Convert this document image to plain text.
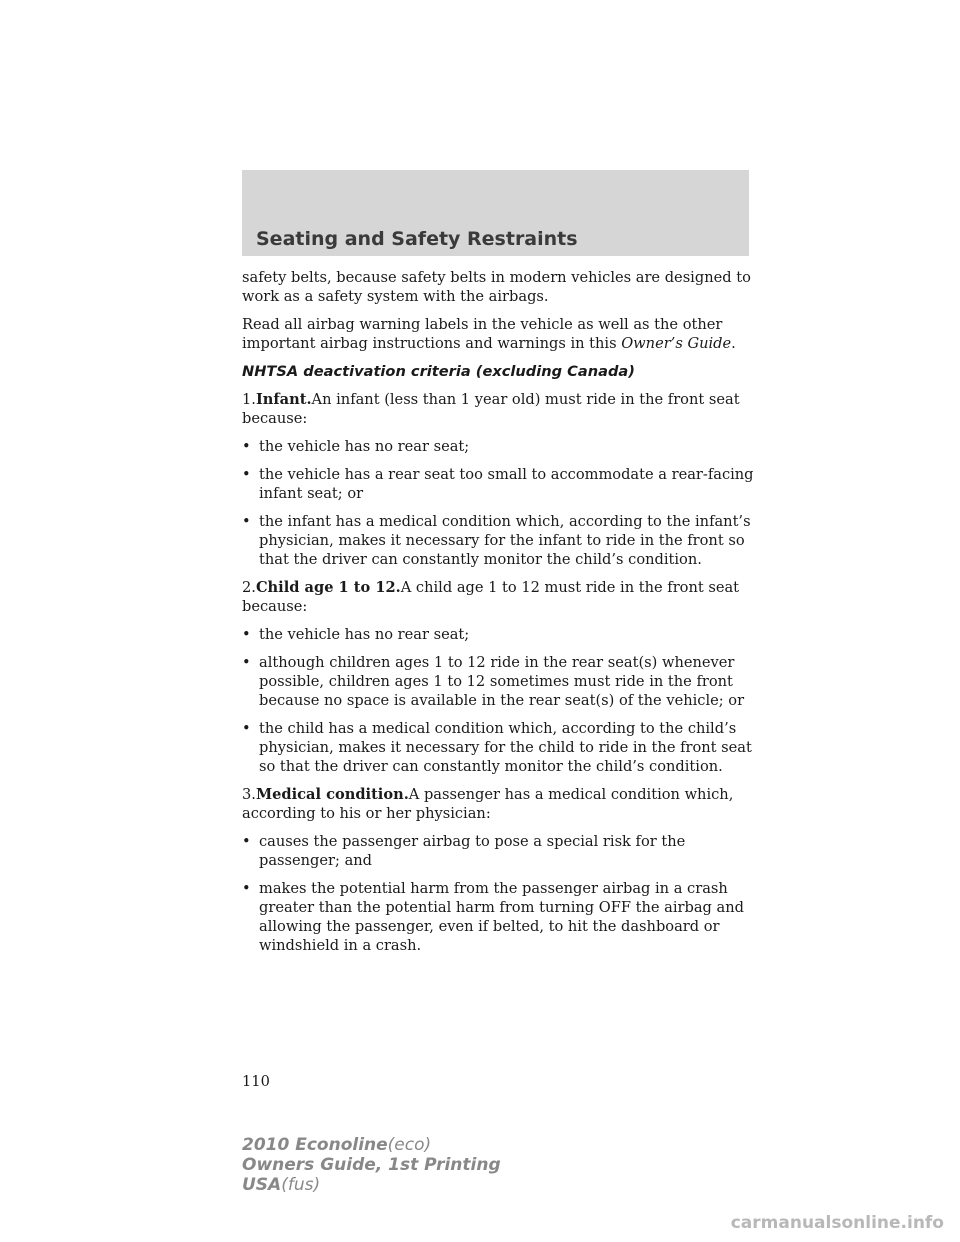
Seating and Safety Restraints

safety belts, because safety belts in modern vehicles are designed to work as a safety system with the airbags.

Read all airbag warning labels in the vehicle as well as the other important airbag instructions and warnings in this Owner’s Guide.

NHTSA deactivation criteria (excluding Canada)

1.Infant.An infant (less than 1 year old) must ride in the front seat because:

• the vehicle has no rear seat;
• the vehicle has a rear seat too small to accommodate a rear-facing infant seat; or
• the infant has a medical condition which, according to the infant’s physician, makes it necessary for the infant to ride in the front so that the driver can constantly monitor the child’s condition.

2.Child age 1 to 12.A child age 1 to 12 must ride in the front seat because:

• the vehicle has no rear seat;
• although children ages 1 to 12 ride in the rear seat(s) whenever possible, children ages 1 to 12 sometimes must ride in the front because no space is available in the rear seat(s) of the vehicle; or
• the child has a medical condition which, according to the child’s physician, makes it necessary for the child to ride in the front seat so that the driver can constantly monitor the child’s condition.

3.Medical condition.A passenger has a medical condition which, according to his or her physician:

• causes the passenger airbag to pose a special risk for the passenger; and
• makes the potential harm from the passenger airbag in a crash greater than the potential harm from turning OFF the airbag and allowing the passenger, even if belted, to hit the dashboard or windshield in a crash.
110
2010 Econoline(eco)
Owners Guide, 1st Printing
USA(fus)
carmanualsonline.info
